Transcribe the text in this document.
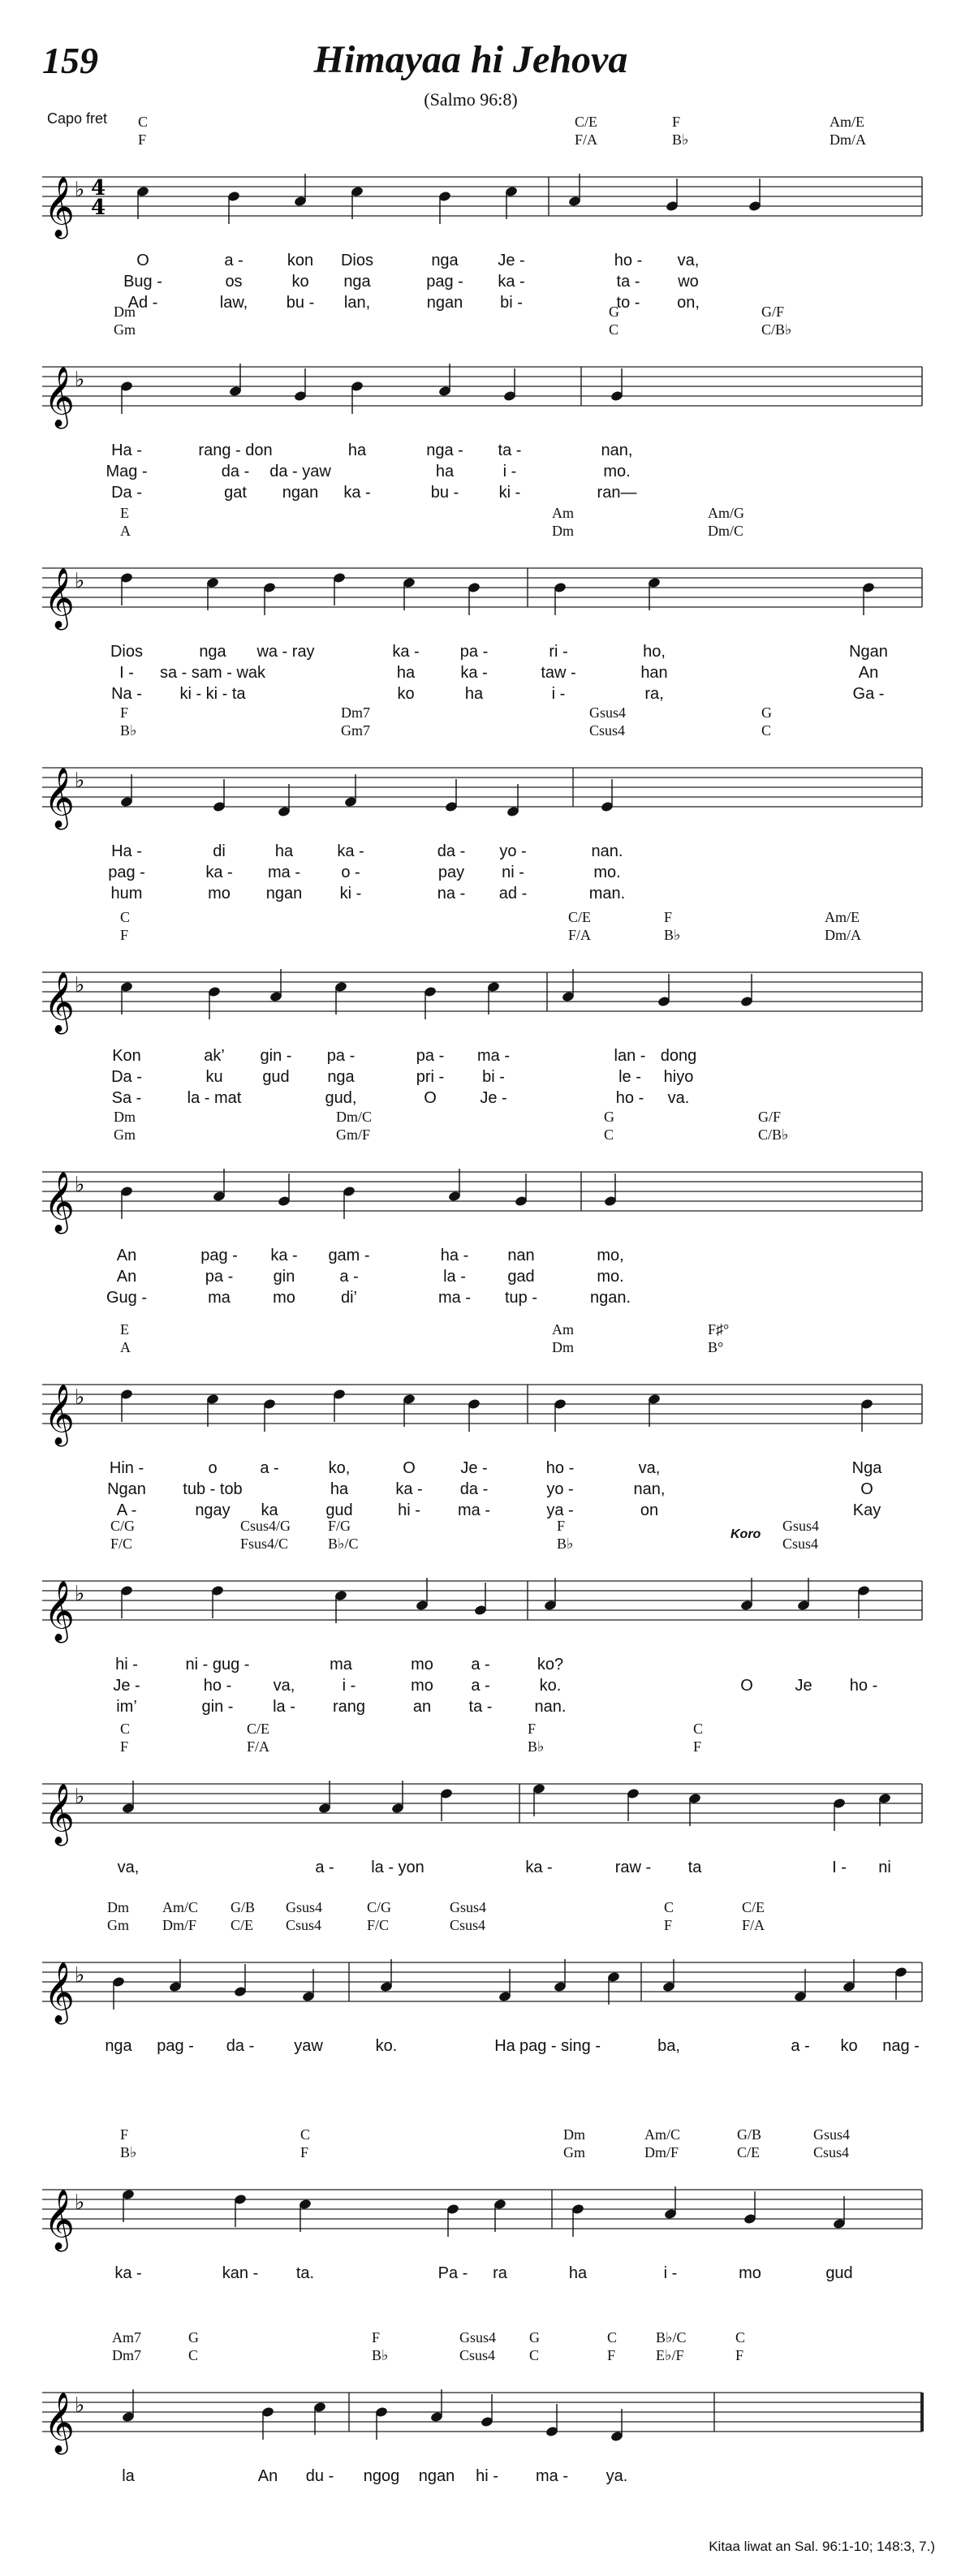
159	Himayaa hi Jehova
(Salmo 96:8)
Capo fret C	C/E	F	Am/E
F	F/A	B♭	Dm/A
𝄞 ♭ 4
4
O	a -	kon Dios	nga Je -	ho - va,
Bug -	os	ko nga	pag - ka -	ta - wo
Ad -	law, bu - lan,	ngan bi -	to - on,
Dm	G	G/F
Gm	C	C/B♭
𝄞 ♭
Ha -	rang - don	ha	nga - ta -	nan,
Mag -	da - da - yaw	ha	i -	mo.
Da -	gat ngan ka -	bu - ki -	ran—
E	Am	Am/G
A	Dm	Dm/C
𝄞 ♭
Dios	nga wa - ray	ka -	pa -	ri -	ho,	Ngan
I - sa - sam - wak	ha	ka -	taw -	han	An
Na - ki - ki - ta	ko	ha	i -	ra,	Ga -
F	Dm7	Gsus4	G
B♭	Gm7	Csus4	C
𝄞 ♭
Ha -	di	ha	ka -	da - yo -	nan.
pag -	ka - ma -	o -	pay ni -	mo.
hum	mo ngan ki -	na - ad -	man.
C	C/E	F	Am/E
F	F/A	B♭	Dm/A
𝄞 ♭
Kon	ak’ gin - pa -	pa - ma -	lan - dong
Da -	ku gud nga	pri - bi -	le - hiyo
Sa -	la - mat	gud,	O	Je -	ho - va.
Dm	Dm/C	G	G/F
Gm	Gm/F	C	C/B♭
𝄞 ♭
An	pag - ka - gam -	ha - nan	mo,
An	pa - gin	a -	la -	gad	mo.
Gug -	ma	mo	di’	ma - tup -	ngan.
E	Am	F♯°
A	Dm	B°
𝄞 ♭
Hin -	o	a -	ko,	O	Je -	ho -	va,	Nga
Ngan tub - tob	ha	ka - da -	yo -	nan,	O
A -	ngay ka	gud	hi - ma -	ya -	on	Kay
C/G	Csus4/G	F/G	F	Gsus4
F/C	Fsus4/C	B♭/C	B♭	Csus4
Koro
𝄞 ♭
hi -	ni - gug -	ma	mo a -	ko?
Je -	ho -	va,	i -	mo a -	ko.	O	Je ho -
im’	gin - la - rang	an ta -	nan.
C	C/E	F	C
F	F/A	B♭	F
𝄞 ♭
va,	a - la - yon	ka -	raw - ta	I - ni
Dm Am/C G/B Gsus4	C/G	Gsus4	C	C/E
Gm Dm/F C/E Csus4	F/C	Csus4	F	F/A
𝄞 ♭
nga pag - da - yaw	ko.	Ha pag - sing -	ba,	a - ko nag -
F	C	Dm	Am/C	G/B	Gsus4
B♭	F	Gm	Dm/F	C/E	Csus4
𝄞 ♭
ka -	kan - ta.	Pa - ra	ha	i -	mo	gud
Am7	G	F	Gsus4 G	C	B♭/C	C
Dm7	C	B♭	Csus4 C	F	E♭/F	F
𝄞 ♭
la	An du - ngog ngan hi - ma - ya.
Kitaa liwat an Sal. 96:1-10; 148:3, 7.)
